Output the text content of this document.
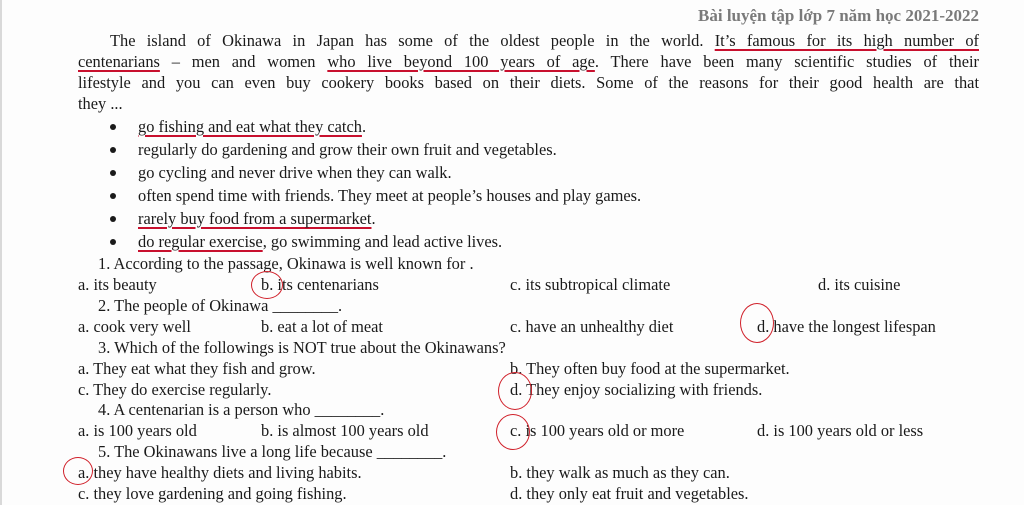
Bài luyện tập lớp 7 năm học 2021-2022
The island of Okinawa in Japan has some of the oldest people in the world. It’s famous for its high number of
centenarians – men and women who live beyond 100 years of age. There have been many scientific studies of their
lifestyle and you can even buy cookery books based on their diets. Some of the reasons for their good health are that
they ...
go fishing and eat what they catch.
regularly do gardening and grow their own fruit and vegetables.
go cycling and never drive when they can walk.
often spend time with friends. They meet at people’s houses and play games.
rarely buy food from a supermarket.
do regular exercise, go swimming and lead active lives.
1. According to the passage, Okinawa is well known for .
a. its beauty	b. its centenarians	c. its subtropical climate	d. its cuisine
2. The people of Okinawa ________.
a. cook very well	b. eat a lot of meat	c. have an unhealthy diet	d. have the longest lifespan
3. Which of the followings is NOT true about the Okinawans?
a. They eat what they fish and grow.	b. They often buy food at the supermarket.
c. They do exercise regularly.	d. They enjoy socializing with friends.
4. A centenarian is a person who ________.
a. is 100 years old	b. is almost 100 years old	c. is 100 years old or more	d. is 100 years old or less
5. The Okinawans live a long life because ________.
a. they have healthy diets and living habits.	b. they walk as much as they can.
c. they love gardening and going fishing.	d. they only eat fruit and vegetables.
